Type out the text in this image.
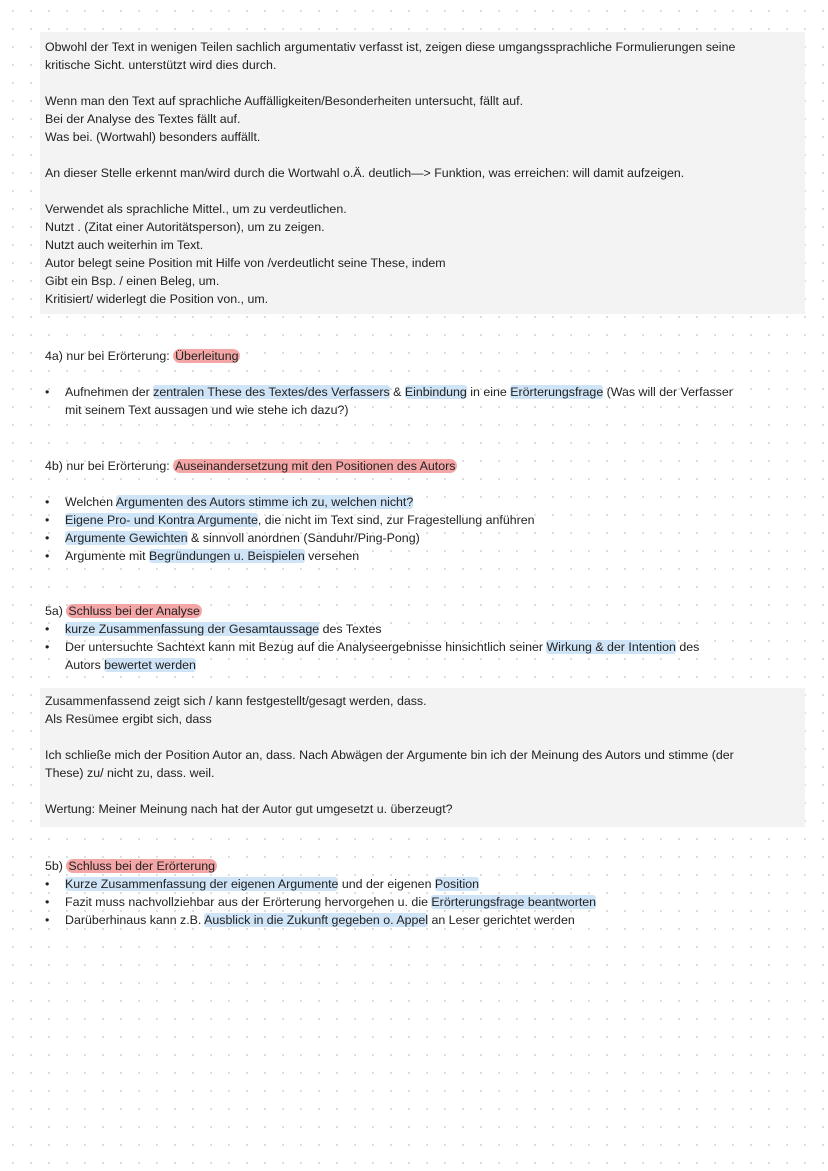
Obwohl der Text in wenigen Teilen sachlich argumentativ verfasst ist, zeigen diese umgangssprachliche Formulierungen seine
kritische Sicht. unterstützt wird dies durch.
Wenn man den Text auf sprachliche Auffälligkeiten/Besonderheiten untersucht, fällt auf.
Bei der Analyse des Textes fällt auf.
Was bei. (Wortwahl) besonders auffällt.
An dieser Stelle erkennt man/wird durch die Wortwahl o.Ä. deutlich—> Funktion, was erreichen: will damit aufzeigen.
Verwendet als sprachliche Mittel., um zu verdeutlichen.
Nutzt . (Zitat einer Autoritätsperson), um zu zeigen.
Nutzt auch weiterhin im Text.
Autor belegt seine Position mit Hilfe von /verdeutlicht seine These, indem
Gibt ein Bsp. / einen Beleg, um.
Kritisiert/ widerlegt die Position von., um.
4a) nur bei Erörterung: Überleitung
• Aufnehmen der zentralen These des Textes/des Verfassers & Einbindung in eine Erörterungsfrage (Was will der Verfasser
mit seinem Text aussagen und wie stehe ich dazu?)
4b) nur bei Erörterung: Auseinandersetzung mit den Positionen des Autors
• Welchen Argumenten des Autors stimme ich zu, welchen nicht?
• Eigene Pro- und Kontra Argumente, die nicht im Text sind, zur Fragestellung anführen
• Argumente Gewichten & sinnvoll anordnen (Sanduhr/Ping-Pong)
• Argumente mit Begründungen u. Beispielen versehen
5a) Schluss bei der Analyse
• kurze Zusammenfassung der Gesamtaussage des Textes
• Der untersuchte Sachtext kann mit Bezug auf die Analyseergebnisse hinsichtlich seiner Wirkung & der Intention des
Autors bewertet werden
Zusammenfassend zeigt sich / kann festgestellt/gesagt werden, dass.
Als Resümee ergibt sich, dass
Ich schließe mich der Position Autor an, dass. Nach Abwägen der Argumente bin ich der Meinung des Autors und stimme (der
These) zu/ nicht zu, dass. weil.
Wertung: Meiner Meinung nach hat der Autor gut umgesetzt u. überzeugt?
5b) Schluss bei der Erörterung
• Kurze Zusammenfassung der eigenen Argumente und der eigenen Position
• Fazit muss nachvollziehbar aus der Erörterung hervorgehen u. die Erörterungsfrage beantworten
• Darüberhinaus kann z.B. Ausblick in die Zukunft gegeben o. Appel an Leser gerichtet werden
